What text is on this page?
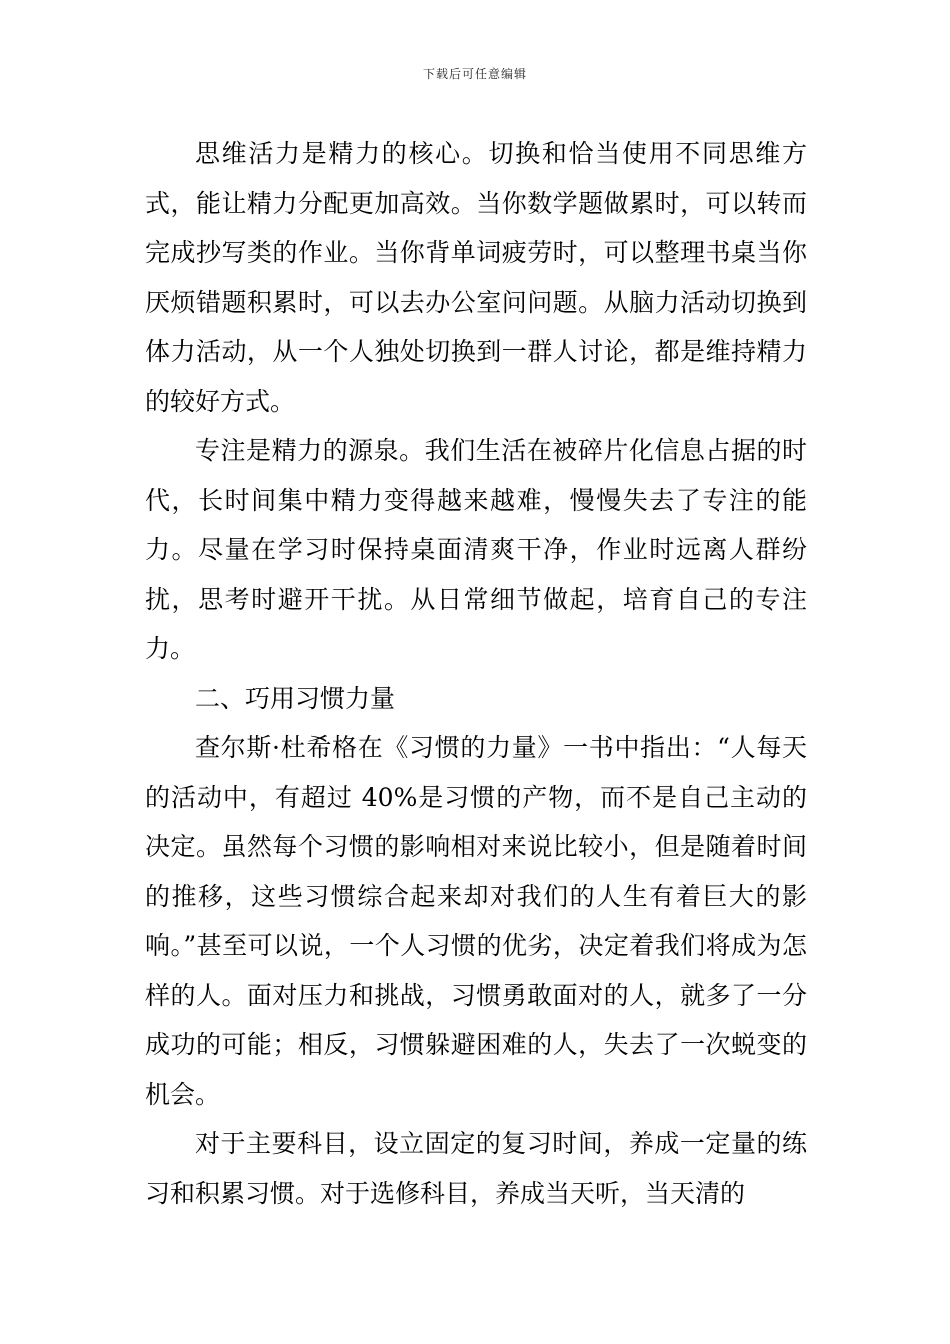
下载后可任意编辑

思维活力是精力的核心。切换和恰当使用不同思维方式，能让精力分配更加高效。当你数学题做累时，可以转而完成抄写类的作业。当你背单词疲劳时，可以整理书桌当你厌烦错题积累时，可以去办公室问问题。从脑力活动切换到体力活动，从一个人独处切换到一群人讨论，都是维持精力的较好方式。

专注是精力的源泉。我们生活在被碎片化信息占据的时代，长时间集中精力变得越来越难，慢慢失去了专注的能力。尽量在学习时保持桌面清爽干净，作业时远离人群纷扰，思考时避开干扰。从日常细节做起，培育自己的专注力。

二、巧用习惯力量

查尔斯·杜希格在《习惯的力量》一书中指出：“人每天的活动中，有超过 40%是习惯的产物，而不是自己主动的决定。虽然每个习惯的影响相对来说比较小，但是随着时间的推移，这些习惯综合起来却对我们的人生有着巨大的影响。”甚至可以说，一个人习惯的优劣，决定着我们将成为怎样的人。面对压力和挑战，习惯勇敢面对的人，就多了一分成功的可能；相反，习惯躲避困难的人，失去了一次蜕变的机会。

对于主要科目，设立固定的复习时间，养成一定量的练习和积累习惯。对于选修科目，养成当天听，当天清的
